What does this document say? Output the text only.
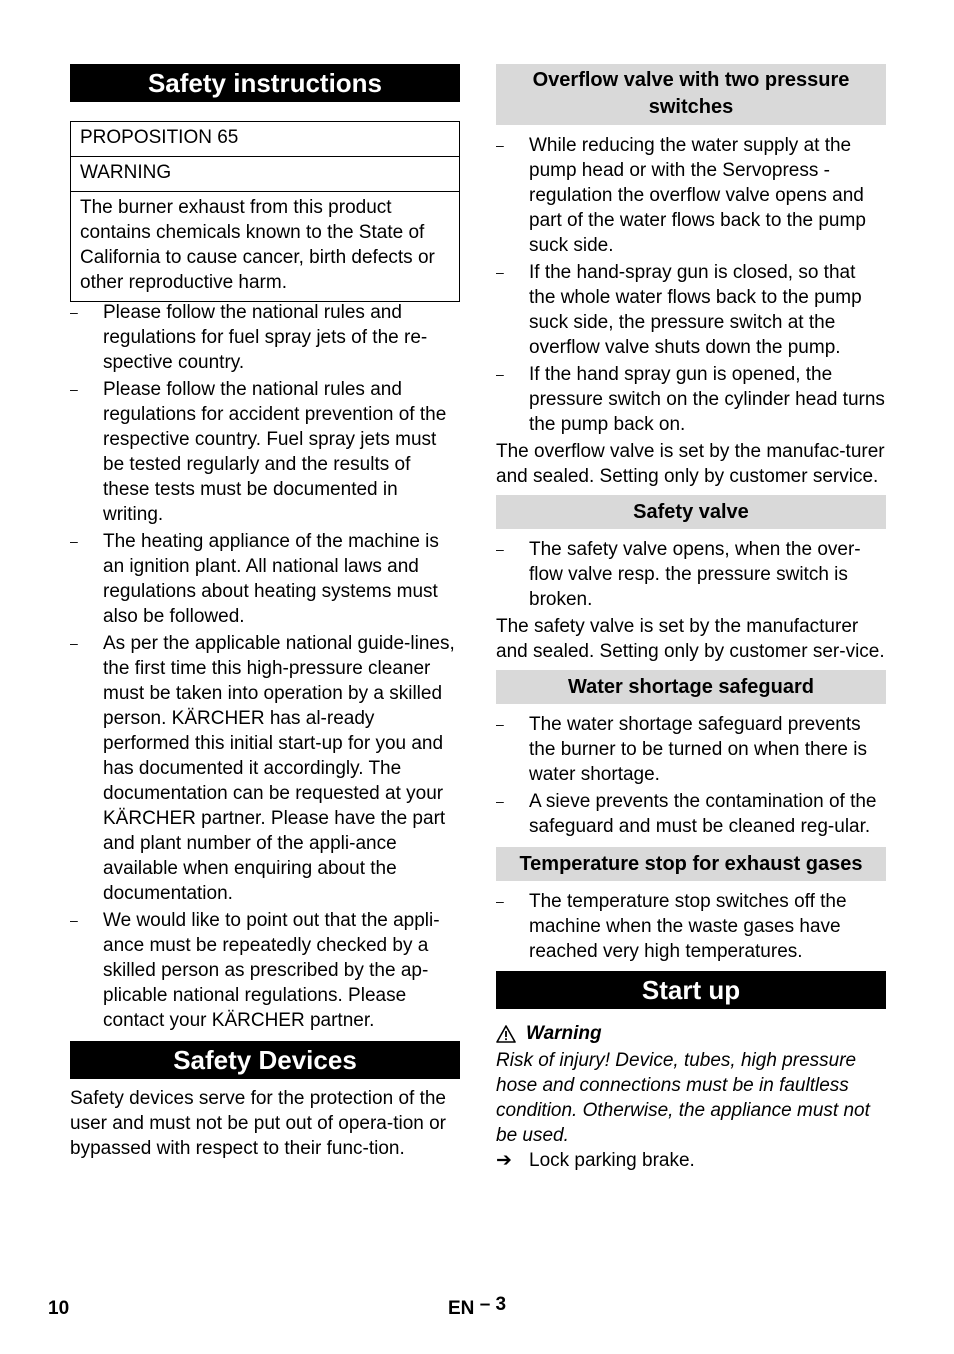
Safety instructions
PROPOSITION 65
WARNING
The burner exhaust from this product contains chemicals known to the State of California to cause cancer, birth defects or other reproductive harm.
– Please follow the national rules and regulations for fuel spray jets of the re-spective country.
– Please follow the national rules and regulations for accident prevention of the respective country. Fuel spray jets must be tested regularly and the results of these tests must be documented in writing.
– The heating appliance of the machine is an ignition plant. All national laws and regulations about heating systems must also be followed.
– As per the applicable national guide-lines, the first time this high-pressure cleaner must be taken into operation by a skilled person. KÄRCHER has al-ready performed this initial start-up for you and has documented it accordingly. The documentation can be requested at your KÄRCHER partner. Please have the part and plant number of the appli-ance available when enquiring about the documentation.
– We would like to point out that the appli-ance must be repeatedly checked by a skilled person as prescribed by the ap-plicable national regulations. Please contact your KÄRCHER partner.
Safety Devices

Safety devices serve for the protection of the user and must not be put out of opera-tion or bypassed with respect to their func-tion.

Overflow valve with two pressure switches
– While reducing the water supply at the pump head or with the Servopress - regulation the overflow valve opens and part of the water flows back to the pump suck side.
– If the hand-spray gun is closed, so that the whole water flows back to the pump suck side, the pressure switch at the overflow valve shuts down the pump.
– If the hand spray gun is opened, the pressure switch on the cylinder head turns the pump back on.

The overflow valve is set by the manufac-turer and sealed. Setting only by customer service.

Safety valve
– The safety valve opens, when the over-flow valve resp. the pressure switch is broken.

The safety valve is set by the manufacturer and sealed. Setting only by customer ser-vice.

Water shortage safeguard
– The water shortage safeguard prevents the burner to be turned on when there is water shortage.
– A sieve prevents the contamination of the safeguard and must be cleaned reg-ular.
Temperature stop for exhaust gases
– The temperature stop switches off the machine when the waste gases have reached very high temperatures.
Start up
Warning

Risk of injury! Device, tubes, high pressure hose and connections must be in faultless condition. Otherwise, the appliance must not be used.

➔ Lock parking brake.
10	EN – 3
